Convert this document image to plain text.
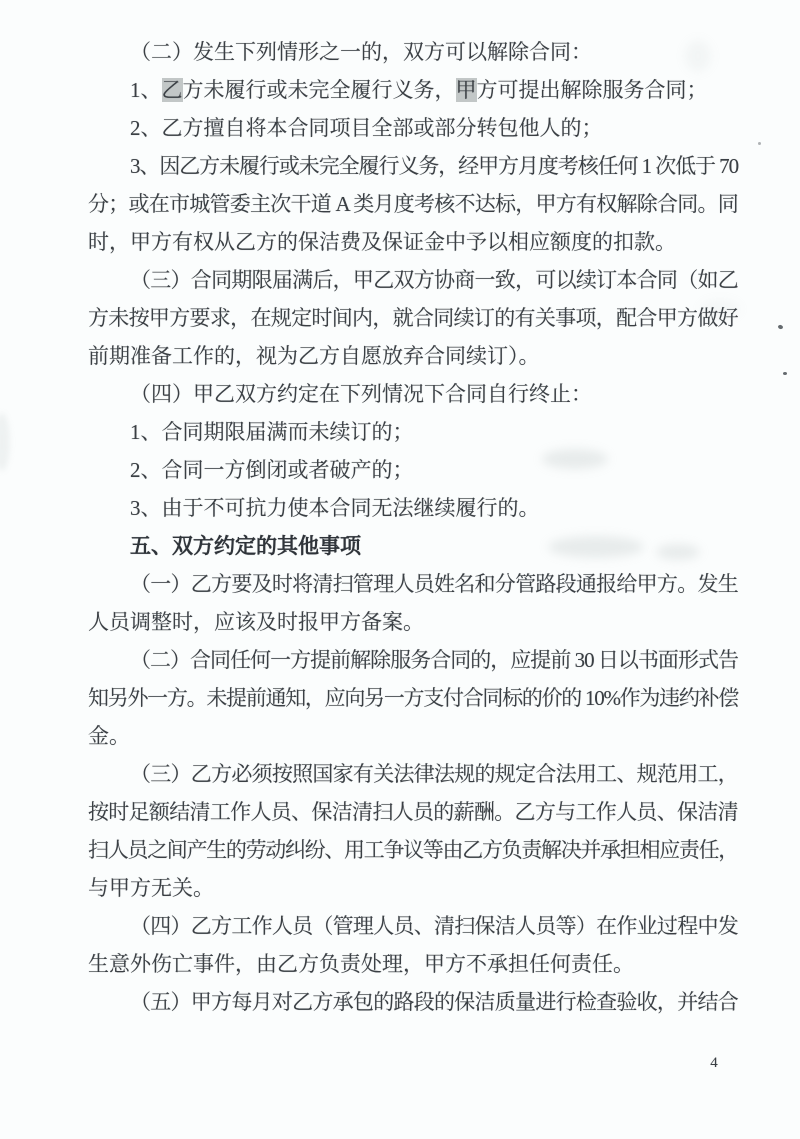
（二）发生下列情形之一的，双方可以解除合同：
1、乙方未履行或未完全履行义务，甲方可提出解除服务合同；
2、乙方擅自将本合同项目全部或部分转包他人的；
3、因乙方未履行或未完全履行义务，经甲方月度考核任何 1 次低于 70
分；或在市城管委主次干道 A 类月度考核不达标，甲方有权解除合同。同
时，甲方有权从乙方的保洁费及保证金中予以相应额度的扣款。
（三）合同期限届满后，甲乙双方协商一致，可以续订本合同（如乙
方未按甲方要求，在规定时间内，就合同续订的有关事项，配合甲方做好
前期准备工作的，视为乙方自愿放弃合同续订）。
（四）甲乙双方约定在下列情况下合同自行终止：
1、合同期限届满而未续订的；
2、合同一方倒闭或者破产的；
3、由于不可抗力使本合同无法继续履行的。
五、双方约定的其他事项
（一）乙方要及时将清扫管理人员姓名和分管路段通报给甲方。发生
人员调整时，应该及时报甲方备案。
（二）合同任何一方提前解除服务合同的，应提前 30 日以书面形式告
知另外一方。未提前通知，应向另一方支付合同标的价的 10%作为违约补偿
金。
（三）乙方必须按照国家有关法律法规的规定合法用工、规范用工，
按时足额结清工作人员、保洁清扫人员的薪酬。乙方与工作人员、保洁清
扫人员之间产生的劳动纠纷、用工争议等由乙方负责解决并承担相应责任，
与甲方无关。
（四）乙方工作人员（管理人员、清扫保洁人员等）在作业过程中发
生意外伤亡事件，由乙方负责处理，甲方不承担任何责任。
（五）甲方每月对乙方承包的路段的保洁质量进行检查验收，并结合
4
